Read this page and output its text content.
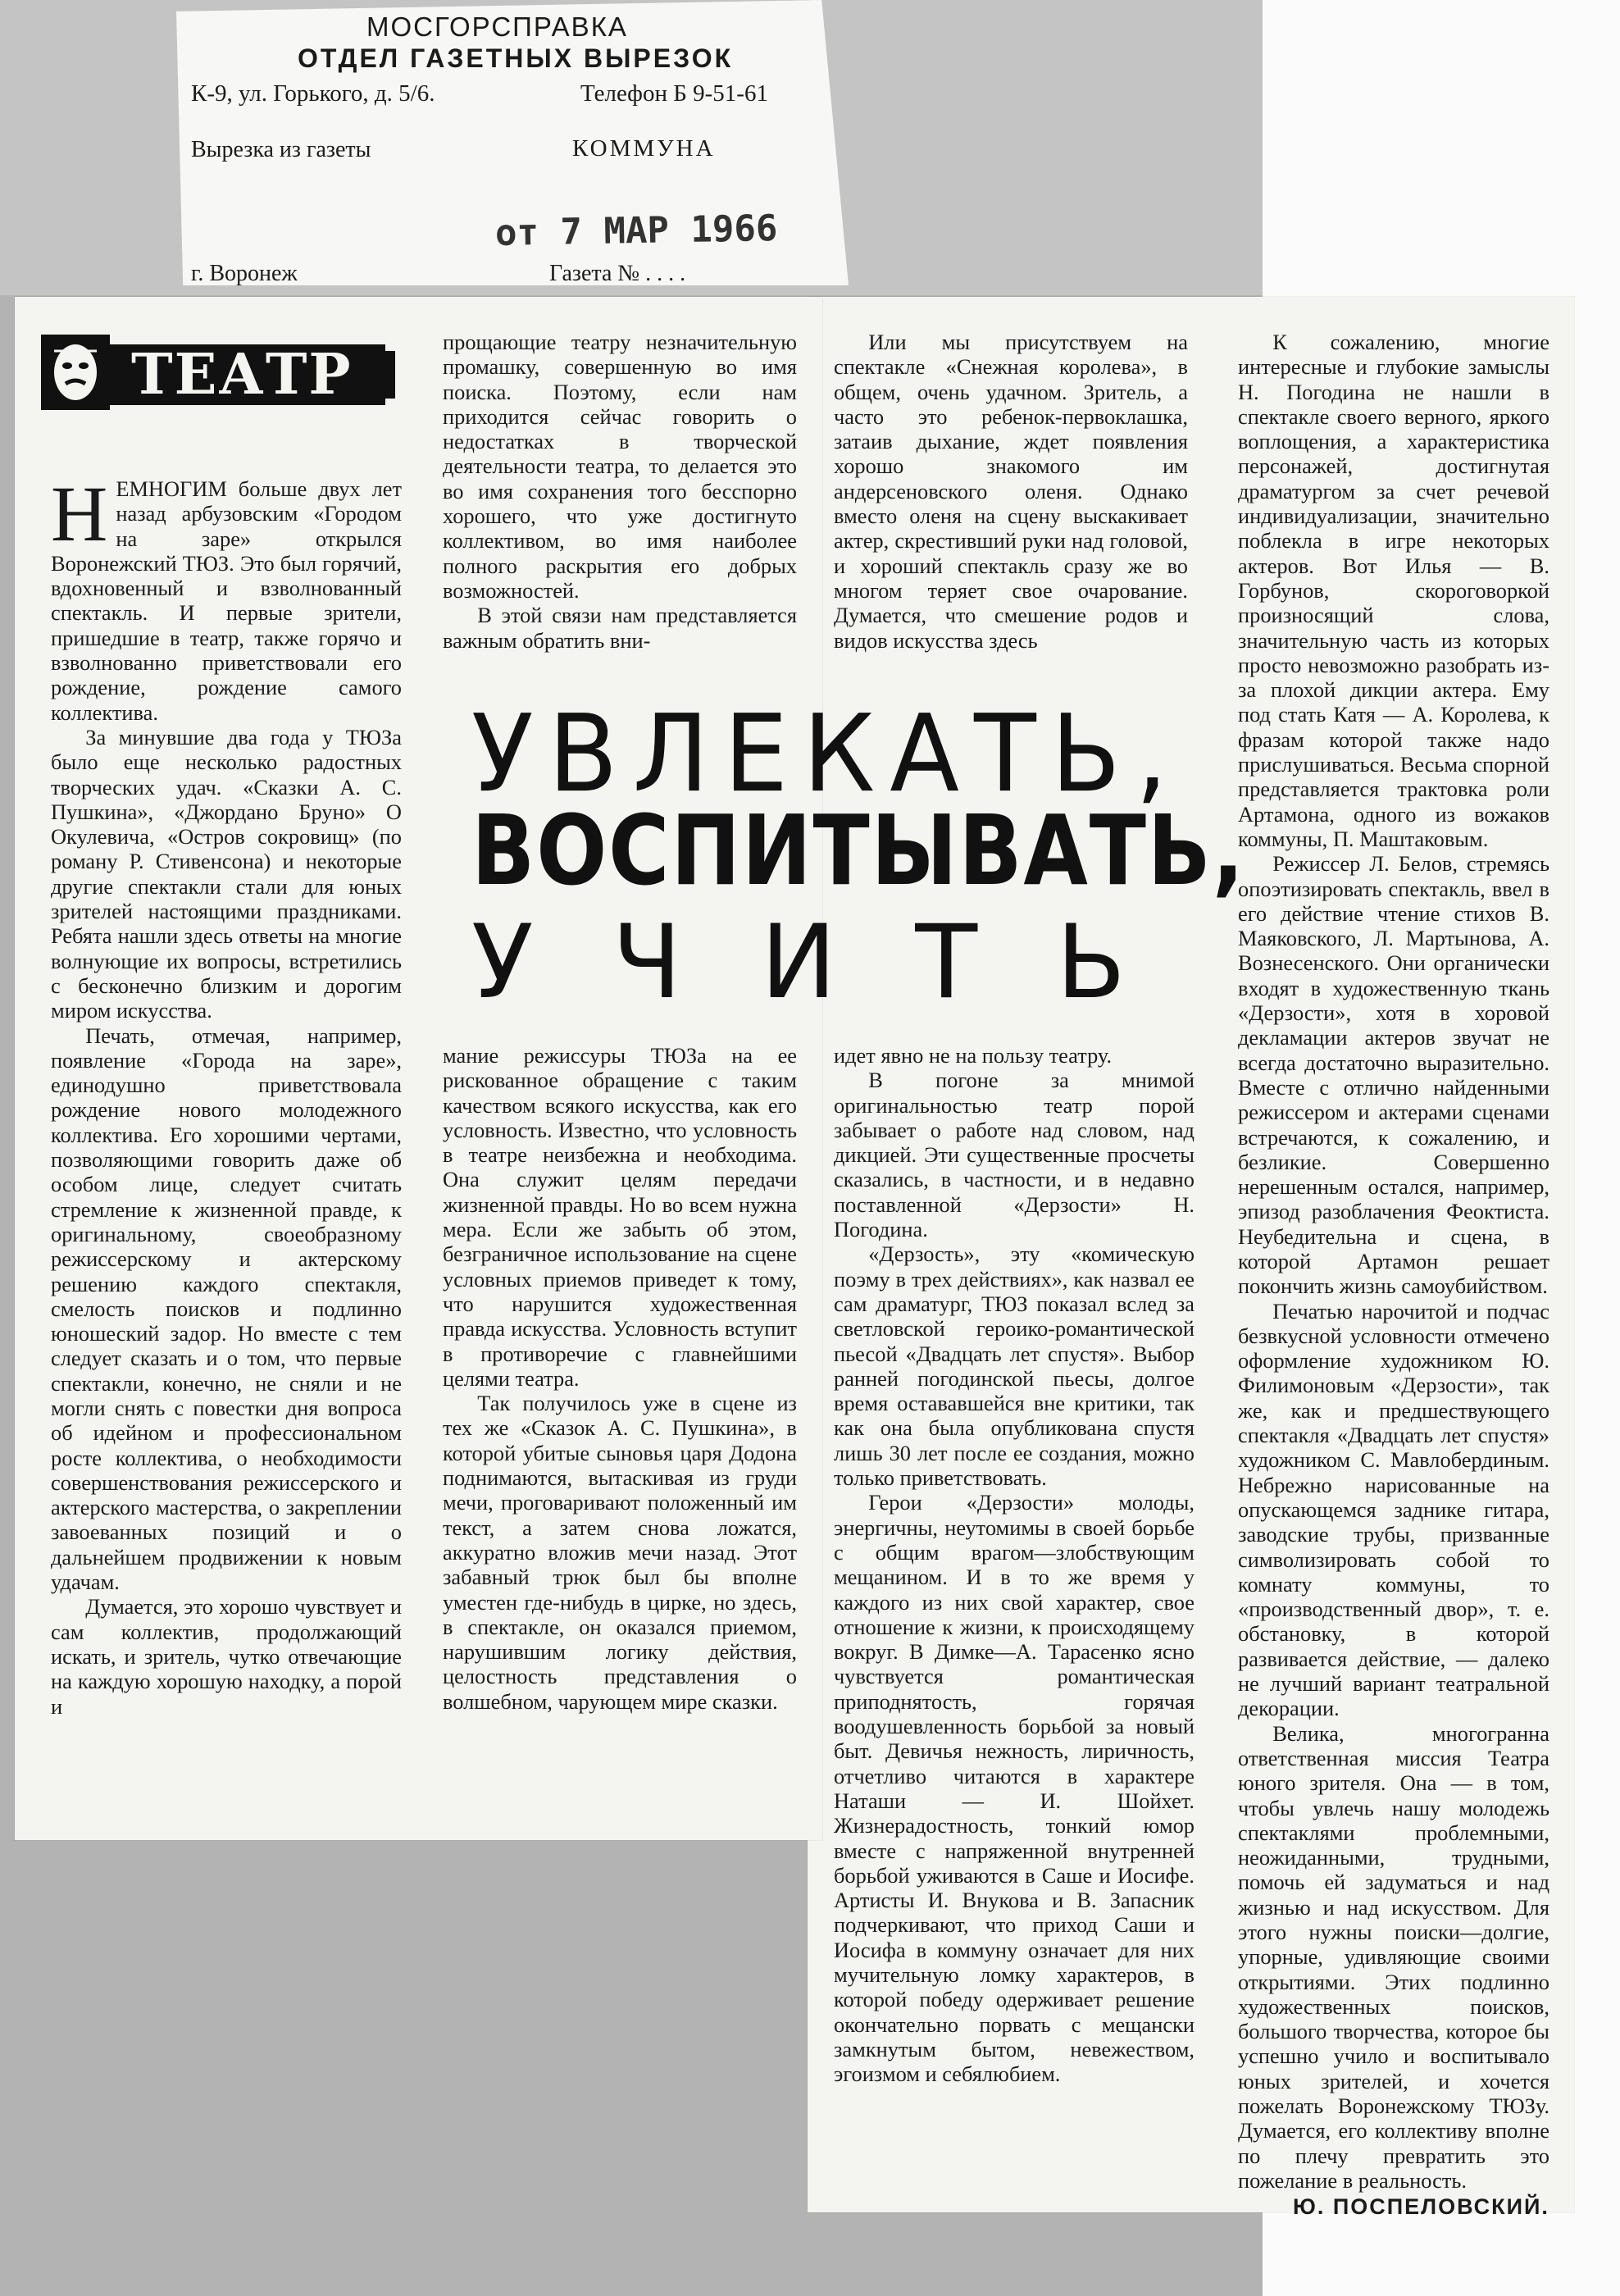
МОСГОРСПРАВКА
ОТДЕЛ ГАЗЕТНЫХ ВЫРЕЗОК
К-9, ул. Горького, д. 5/6.	Телефон Б 9-51-61
Вырезка из газеты	КОММУНА
от 7 МАР 1966
г. Воронеж	Газета № . . . .
ТЕАТР

НЕМНОГИМ больше двух лет назад арбузовским «Городом на заре» открылся Воронежский ТЮЗ. Это был горячий, вдохновенный и взволнованный спектакль. И первые зрители, пришедшие в театр, также горячо и взволнованно приветствовали его рождение, рождение самого коллектива.

За минувшие два года у ТЮЗа было еще несколько радостных творческих удач. «Сказки А. С. Пушкина», «Джордано Бруно» О Окулевича, «Остров сокровищ» (по роману Р. Стивенсона) и некоторые другие спектакли стали для юных зрителей настоящими праздниками. Ребята нашли здесь ответы на многие волнующие их вопросы, встретились с бесконечно близким и дорогим миром искусства.

Печать, отмечая, например, появление «Города на заре», единодушно приветствовала рождение нового молодежного коллектива. Его хорошими чертами, позволяющими говорить даже об особом лице, следует считать стремление к жизненной правде, к оригинальному, своеобразному режиссерскому и актерскому решению каждого спектакля, смелость поисков и подлинно юношеский задор. Но вместе с тем следует сказать и о том, что первые спектакли, конечно, не сняли и не могли снять с повестки дня вопроса об идейном и профессиональном росте коллектива, о необходимости совершенствования режиссерского и актерского мастерства, о закреплении завоеванных позиций и о дальнейшем продвижении к новым удачам.

Думается, это хорошо чувствует и сам коллектив, продолжающий искать, и зритель, чутко отвечающие на каждую хорошую находку, а порой и

прощающие театру незначительную промашку, совершенную во имя поиска. Поэтому, если нам приходится сейчас говорить о недостатках в творческой деятельности театра, то делается это во имя сохранения того бесспорно хорошего, что уже достигнуто коллективом, во имя наиболее полного раскрытия его добрых возможностей.

В этой связи нам представляется важным обратить вни-

Или мы присутствуем на спектакле «Снежная королева», в общем, очень удачном. Зритель, а часто это ребенок-первоклашка, затаив дыхание, ждет появления хорошо знакомого им андерсеновского оленя. Однако вместо оленя на сцену выскакивает актер, скрестивший руки над головой, и хороший спектакль сразу же во многом теряет свое очарование. Думается, что смешение родов и видов искусства здесь

УВЛЕКАТЬ,
ВОСПИТЫВАТЬ,
УЧИТЬ

мание режиссуры ТЮЗа на ее рискованное обращение с таким качеством всякого искусства, как его условность. Известно, что условность в театре неизбежна и необходима. Она служит целям передачи жизненной правды. Но во всем нужна мера. Если же забыть об этом, безграничное использование на сцене условных приемов приведет к тому, что нарушится художественная правда искусства. Условность вступит в противоречие с главнейшими целями театра.

Так получилось уже в сцене из тех же «Сказок А. С. Пушкина», в которой убитые сыновья царя Додона поднимаются, вытаскивая из груди мечи, проговаривают положенный им текст, а затем снова ложатся, аккуратно вложив мечи назад. Этот забавный трюк был бы вполне уместен где-нибудь в цирке, но здесь, в спектакле, он оказался приемом, нарушившим логику действия, целостность представления о волшебном, чарующем мире сказки.

идет явно не на пользу театру.

В погоне за мнимой оригинальностью театр порой забывает о работе над словом, над дикцией. Эти существенные просчеты сказались, в частности, и в недавно поставленной «Дерзости» Н. Погодина.

«Дерзость», эту «комическую поэму в трех действиях», как назвал ее сам драматург, ТЮЗ показал вслед за светловской героико-романтической пьесой «Двадцать лет спустя». Выбор ранней погодинской пьесы, долгое время остававшейся вне критики, так как она была опубликована спустя лишь 30 лет после ее создания, можно только приветствовать.

Герои «Дерзости» молоды, энергичны, неутомимы в своей борьбе с общим врагом—злобствующим мещанином. И в то же время у каждого из них свой характер, свое отношение к жизни, к происходящему вокруг. В Димке—А. Тарасенко ясно чувствуется романтическая приподнятость, горячая воодушевленность борьбой за новый быт. Девичья нежность, лиричность, отчетливо читаются в характере Наташи — И. Шойхет. Жизнерадостность, тонкий юмор вместе с напряженной внутренней борьбой уживаются в Саше и Иосифе. Артисты И. Внукова и В. Запасник подчеркивают, что приход Саши и Иосифа в коммуну означает для них мучительную ломку характеров, в которой победу одерживает решение окончательно порвать с мещански замкнутым бытом, невежеством, эгоизмом и себялюбием.

К сожалению, многие интересные и глубокие замыслы Н. Погодина не нашли в спектакле своего верного, яркого воплощения, а характеристика персонажей, достигнутая драматургом за счет речевой индивидуализации, значительно поблекла в игре некоторых актеров. Вот Илья — В. Горбунов, скороговоркой произносящий слова, значительную часть из которых просто невозможно разобрать из-за плохой дикции актера. Ему под стать Катя — А. Королева, к фразам которой также надо прислушиваться. Весьма спорной представляется трактовка роли Артамона, одного из вожаков коммуны, П. Маштаковым.

Режиссер Л. Белов, стремясь опоэтизировать спектакль, ввел в его действие чтение стихов В. Маяковского, Л. Мартынова, А. Вознесенского. Они органически входят в художественную ткань «Дерзости», хотя в хоровой декламации актеров звучат не всегда достаточно выразительно. Вместе с отлично найденными режиссером и актерами сценами встречаются, к сожалению, и безликие. Совершенно нерешенным остался, например, эпизод разоблачения Феоктиста. Неубедительна и сцена, в которой Артамон решает покончить жизнь самоубийством.

Печатью нарочитой и подчас безвкусной условности отмечено оформление художником Ю. Филимоновым «Дерзости», так же, как и предшествующего спектакля «Двадцать лет спустя» художником С. Мавлобердиным. Небрежно нарисованные на опускающемся заднике гитара, заводские трубы, призванные символизировать собой то комнату коммуны, то «производственный двор», т. е. обстановку, в которой развивается действие, — далеко не лучший вариант театральной декорации.

Велика, многогранна ответственная миссия Театра юного зрителя. Она — в том, чтобы увлечь нашу молодежь спектаклями проблемными, неожиданными, трудными, помочь ей задуматься и над жизнью и над искусством. Для этого нужны поиски—долгие, упорные, удивляющие своими открытиями. Этих подлинно художественных поисков, большого творчества, которое бы успешно учило и воспитывало юных зрителей, и хочется пожелать Воронежскому ТЮЗу. Думается, его коллективу вполне по плечу превратить это пожелание в реальность.

Ю. ПОСПЕЛОВСКИЙ.
